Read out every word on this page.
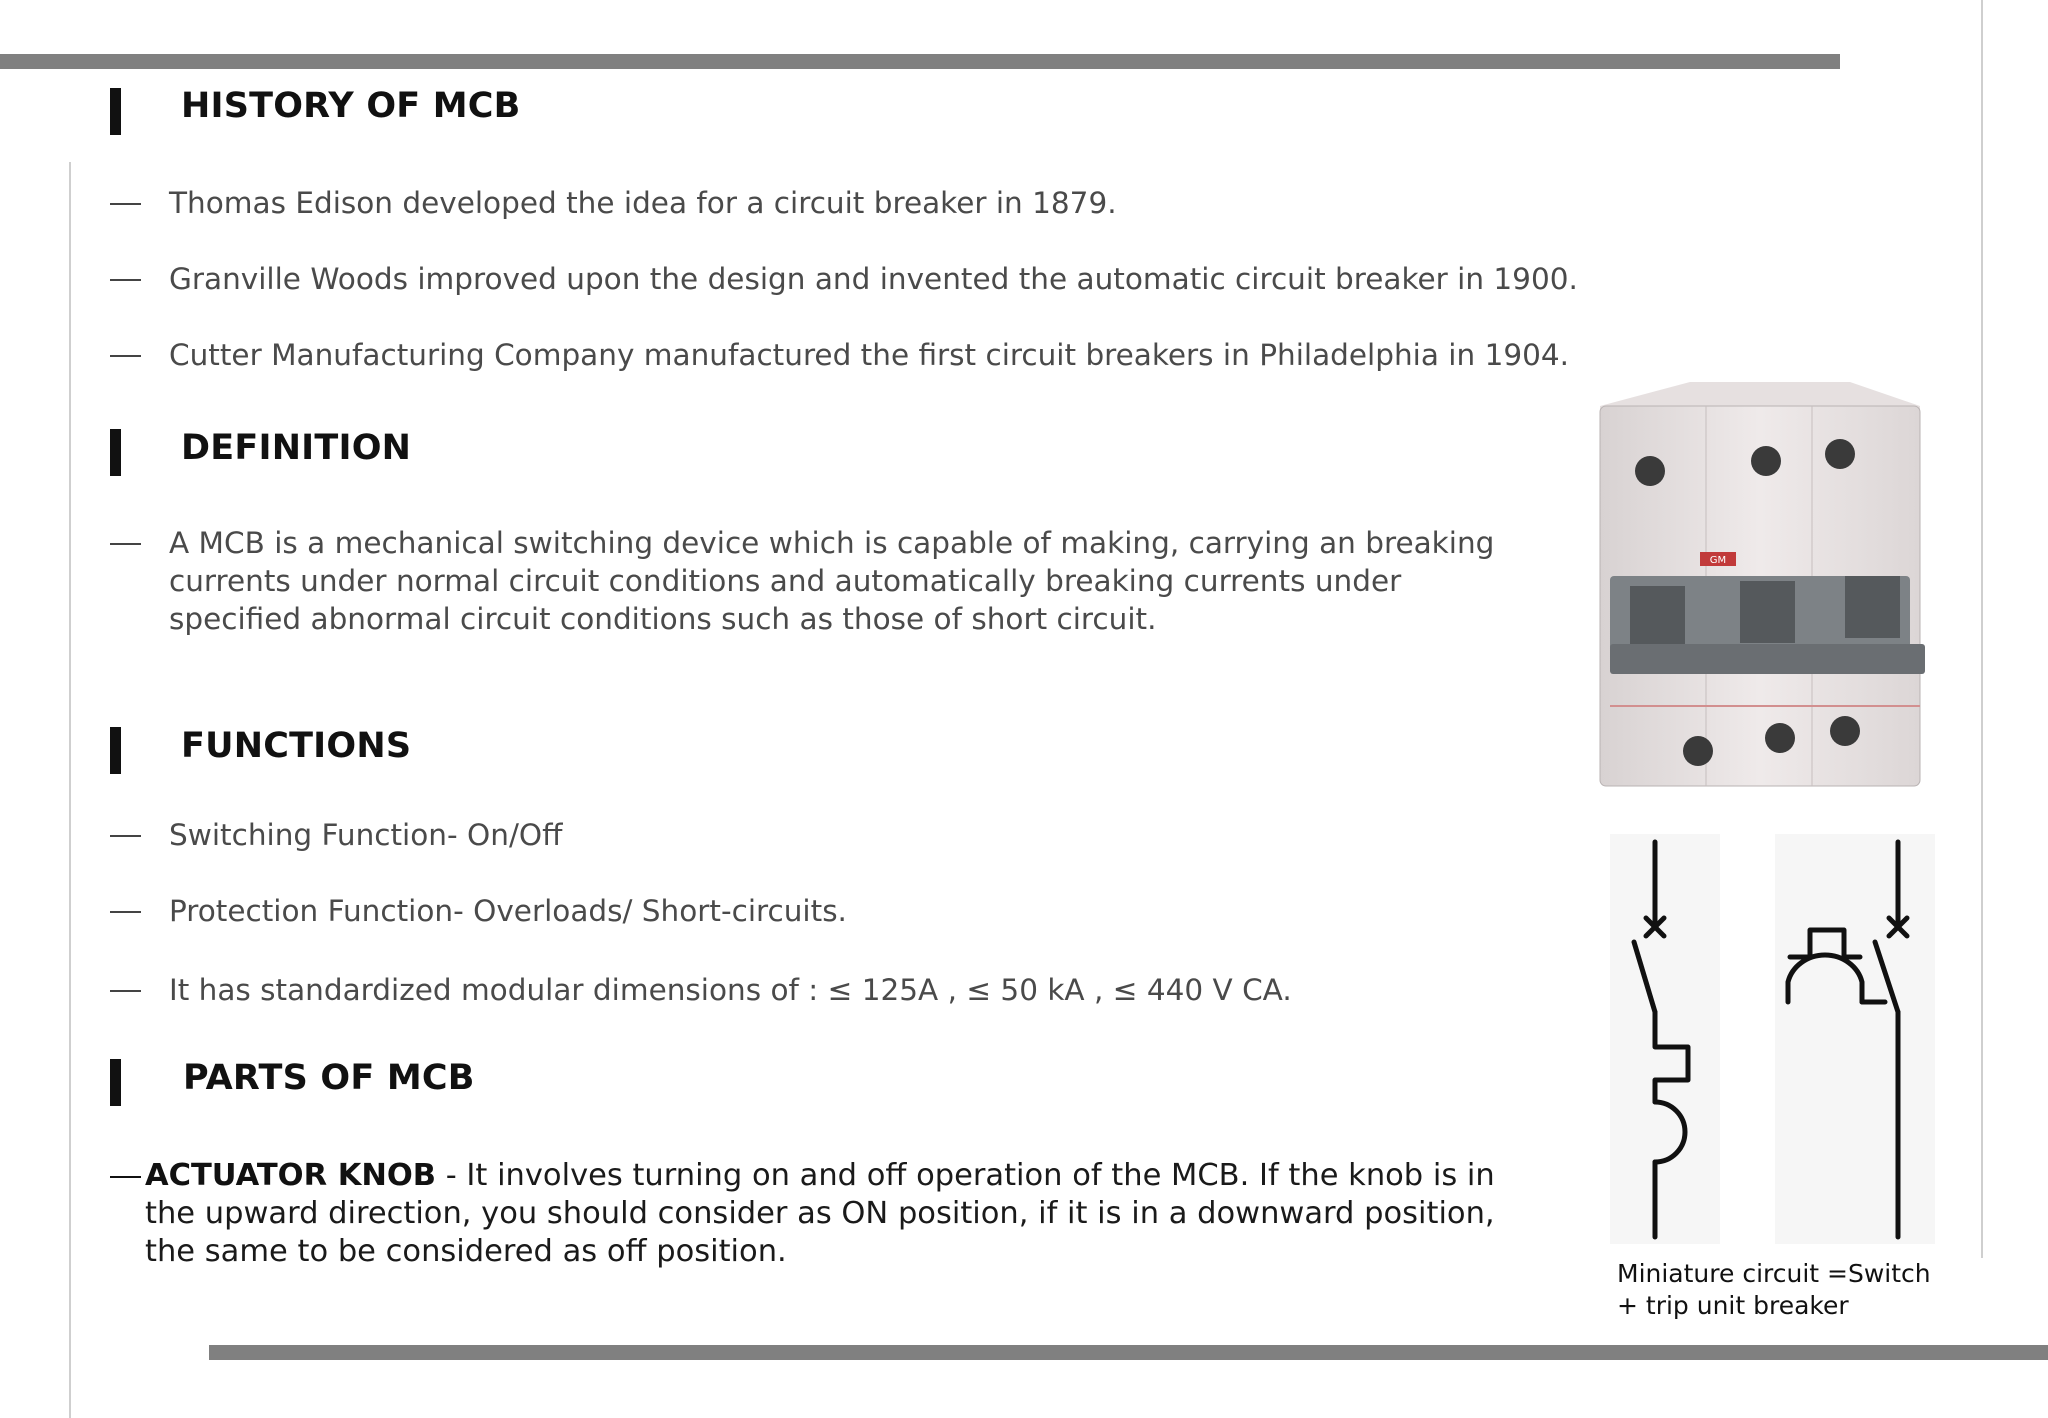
HISTORY OF MCB
— Thomas Edison developed the idea for a circuit breaker in 1879.
— Granville Woods improved upon the design and invented the automatic circuit breaker in 1900.
— Cutter Manufacturing Company manufactured the first circuit breakers in Philadelphia in 1904.
DEFINITION
— A MCB is a mechanical switching device which is capable of making, carrying an breaking currents under normal circuit conditions and automatically breaking currents under specified abnormal circuit conditions such as those of short circuit.
FUNCTIONS
— Switching Function- On/Off
— Protection Function- Overloads/ Short-circuits.
— It has standardized modular dimensions of : ≤ 125A , ≤ 50 kA , ≤ 440 V CA.
PARTS OF MCB
— ACTUATOR KNOB - It involves turning on and off operation of the MCB. If the knob is in the upward direction, you should consider as ON position, if it is in a downward position, the same to be considered as off position.
GM
Miniature circuit =Switch
+ trip unit breaker
